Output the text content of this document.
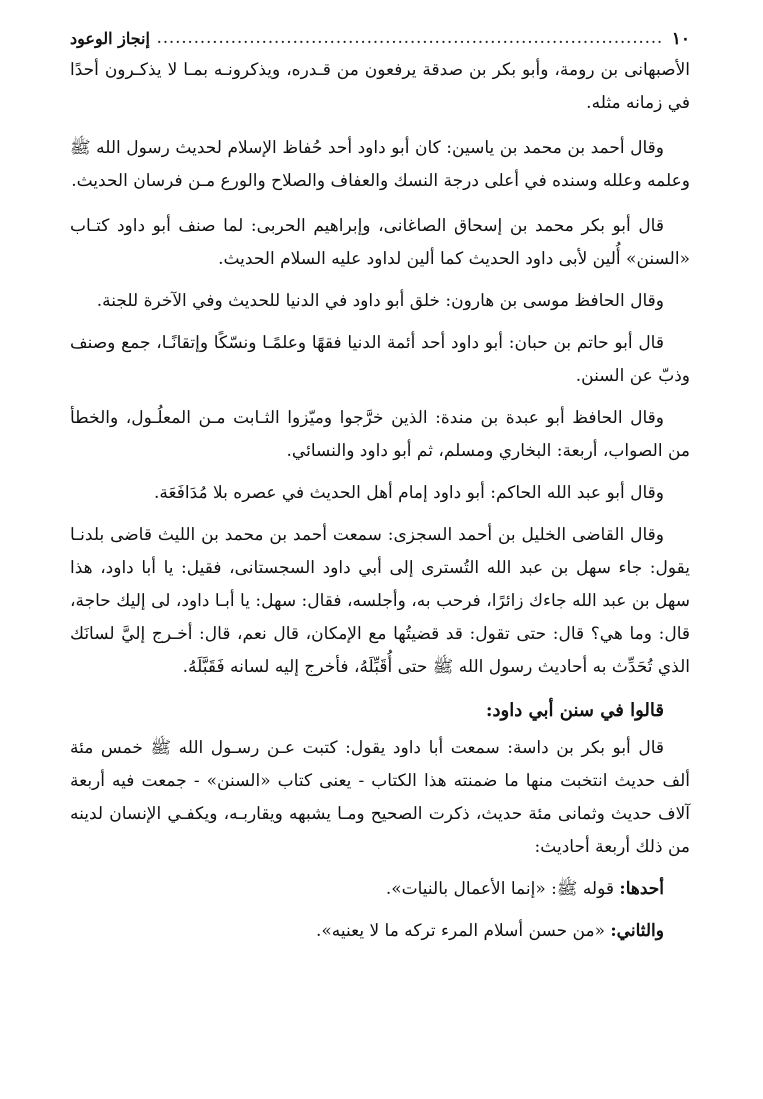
١٠
.....
إنجاز الوعود

الأصبهانى بن رومة، وأبو بكر بن صدقة يرفعون من قـدره، ويذكرونـه بمـا لا يذكـرون أحدًا في زمانه مثله.

وقال أحمد بن محمد بن ياسين: كان أبو داود أحد حُفاظ الإسلام لحديث رسول الله ﷺ وعلمه وعلله وسنده في أعلى درجة النسك والعفاف والصلاح والورع مـن فرسان الحديث.

قال أبو بكر محمد بن إسحاق الصاغانى، وإبراهيم الحربى: لما صنف أبو داود كتـاب «السنن» أُلين لأبى داود الحديث كما ألين لداود عليه السلام الحديث.

وقال الحافظ موسى بن هارون: خلق أبو داود في الدنيا للحديث وفي الآخرة للجنة.

قال أبو حاتم بن حبان: أبو داود أحد أئمة الدنيا فقهًا وعلمًـا ونسّكًا وإتقانًـا، جمع وصنف وذبّ عن السنن.

وقال الحافظ أبو عبدة بن مندة: الذين خرَّجوا وميّزوا الثـابت مـن المعلُـول، والخطأ من الصواب، أربعة: البخاري ومسلم، ثم أبو داود والنسائي.

وقال أبو عبد الله الحاكم: أبو داود إمام أهل الحديث في عصره بلا مُدَافَعَة.

وقال القاضى الخليل بن أحمد السجزى: سمعت أحمد بن محمد بن الليث قاضى بلدنـا يقول: جاء سهل بن عبد الله التُسترى إلى أبي داود السجستانى، فقيل: يا أبا داود، هذا سهل بن عبد الله جاءك زائرًا، فرحب به، وأجلسه، فقال: سهل: يا أبـا داود، لى إليك حاجة، قال: وما هي؟ قال: حتى تقول: قد قضيتُها مع الإمكان، قال نعم، قال: أخـرج إليَّ لسانَك الذي تُحَدِّث به أحاديث رسول الله ﷺ حتى أُقَبِّلَهُ، فأخرج إليه لسانه فَقَبَّلَهُ.

قالوا في سنن أبي داود:

قال أبو بكر بن داسة: سمعت أبا داود يقول: كتبت عـن رسـول الله ﷺ خمس مئة ألف حديث انتخبت منها ما ضمنته هذا الكتاب - يعنى كتاب «السنن» - جمعت فيه أربعة آلاف حديث وثمانى مئة حديث، ذكرت الصحيح ومـا يشبهه ويقاربـه، ويكفـي الإنسان لدينه من ذلك أربعة أحاديث:

أحدها: قوله ﷺ: «إنما الأعمال بالنيات».

والثاني: «من حسن أسلام المرء تركه ما لا يعنيه».
